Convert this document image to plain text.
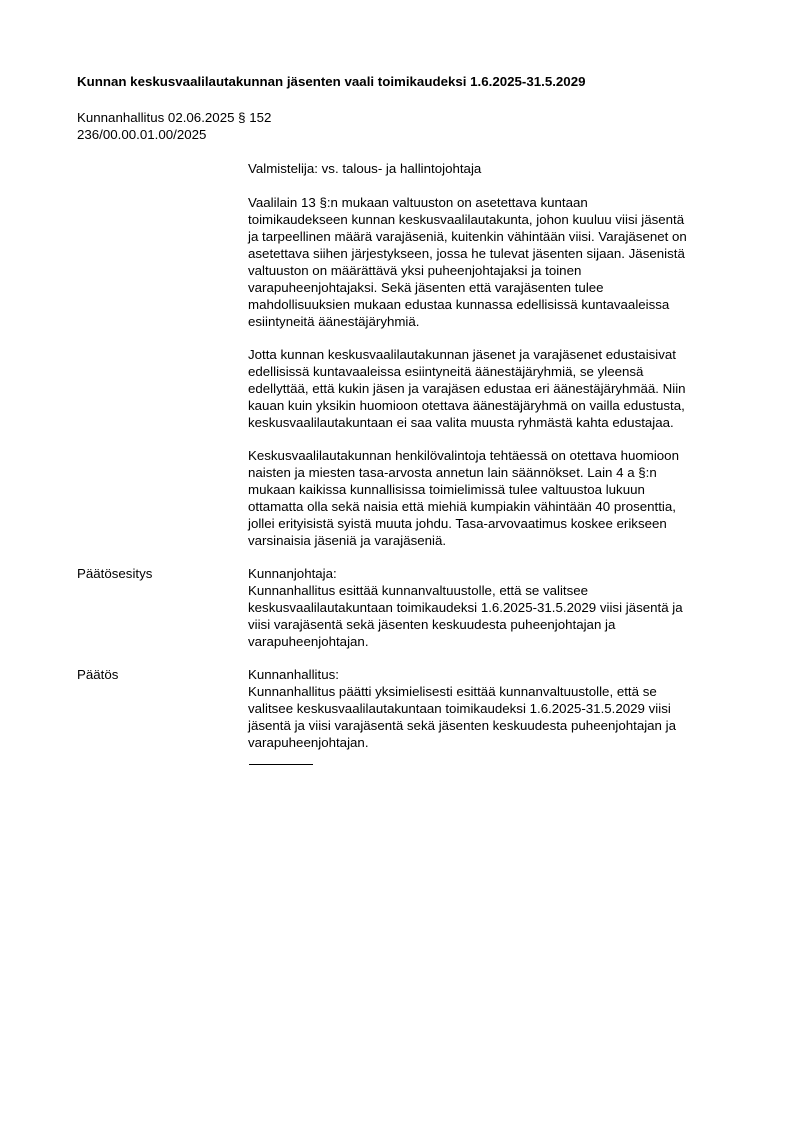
Kunnan keskusvaalilautakunnan jäsenten vaali toimikaudeksi 1.6.2025-31.5.2029
Kunnanhallitus 02.06.2025 § 152
236/00.00.01.00/2025
Valmistelija: vs. talous- ja hallintojohtaja

Vaalilain 13 §:n mukaan valtuuston on asetettava kuntaan
toimikaudekseen kunnan keskusvaalilautakunta, johon kuuluu viisi jäsentä
ja tarpeellinen määrä varajäseniä, kuitenkin vähintään viisi. Varajäsenet on
asetettava siihen järjestykseen, jossa he tulevat jäsenten sijaan. Jäsenistä
valtuuston on määrättävä yksi puheenjohtajaksi ja toinen
varapuheenjohtajaksi. Sekä jäsenten että varajäsenten tulee
mahdollisuuksien mukaan edustaa kunnassa edellisissä kuntavaaleissa
esiintyneitä äänestäjäryhmiä.

Jotta kunnan keskusvaalilautakunnan jäsenet ja varajäsenet edustaisivat
edellisissä kuntavaaleissa esiintyneitä äänestäjäryhmiä, se yleensä
edellyttää, että kukin jäsen ja varajäsen edustaa eri äänestäjäryhmää. Niin
kauan kuin yksikin huomioon otettava äänestäjäryhmä on vailla edustusta,
keskusvaalilautakuntaan ei saa valita muusta ryhmästä kahta edustajaa.

Keskusvaalilautakunnan henkilövalintoja tehtäessä on otettava huomioon
naisten ja miesten tasa-arvosta annetun lain säännökset. Lain 4 a §:n
mukaan kaikissa kunnallisissa toimielimissä tulee valtuustoa lukuun
ottamatta olla sekä naisia että miehiä kumpiakin vähintään 40 prosenttia,
jollei erityisistä syistä muuta johdu. Tasa-arvovaatimus koskee erikseen
varsinaisia jäseniä ja varajäseniä.

Päätösesitys	Kunnanjohtaja:
Kunnanhallitus esittää kunnanvaltuustolle, että se valitsee
keskusvaalilautakuntaan toimikaudeksi 1.6.2025-31.5.2029 viisi jäsentä ja
viisi varajäsentä sekä jäsenten keskuudesta puheenjohtajan ja
varapuheenjohtajan.

Päätös	Kunnanhallitus:
Kunnanhallitus päätti yksimielisesti esittää kunnanvaltuustolle, että se
valitsee keskusvaalilautakuntaan toimikaudeksi 1.6.2025-31.5.2029 viisi
jäsentä ja viisi varajäsentä sekä jäsenten keskuudesta puheenjohtajan ja
varapuheenjohtajan.
